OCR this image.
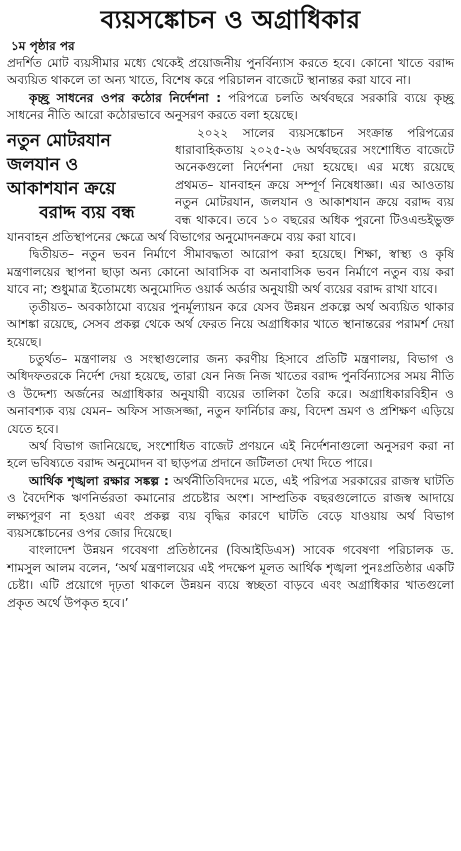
ব্যয়সঙ্কোচন ও অগ্রাধিকার
১ম পৃষ্ঠার পর

প্রদর্শিত মোট ব্যয়সীমার মধ্যে থেকেই প্রয়োজনীয় পুনর্বিন্যাস করতে হবে। কোনো খাতে বরাদ্দ অব্যয়িত থাকলে তা অন্য খাতে, বিশেষ করে পরিচালন বাজেটে স্থানান্তর করা যাবে না।

কৃচ্ছ্র সাধনের ওপর কঠোর নির্দেশনা : পরিপত্রে চলতি অর্থবছরে সরকারি ব্যয়ে কৃচ্ছ্র সাধনের নীতি আরো কঠোরভাবে অনুসরণ করতে বলা হয়েছে।

নতুন মোটরযান
জলযান ও
আকাশযান ক্রয়ে
বরাদ্দ ব্যয় বন্ধ

২০২২ সালের ব্যয়সঙ্কোচন সংক্রান্ত পরিপত্রের ধারাবাহিকতায় ২০২৫-২৬ অর্থবছরের সংশোধিত বাজেটে অনেকগুলো নির্দেশনা দেয়া হয়েছে। এর মধ্যে রয়েছে প্রথমত– যানবাহন ক্রয়ে সম্পূর্ণ নিষেধাজ্ঞা। এর আওতায় নতুন মোটরযান, জলযান ও আকাশযান ক্রয়ে বরাদ্দ ব্যয় বন্ধ থাকবে। তবে ১০ বছরের অধিক পুরনো টিওএন্ডইভুক্ত যানবাহন প্রতিস্থাপনের ক্ষেত্রে অর্থ বিভাগের অনুমোদনক্রমে ব্যয় করা যাবে।

দ্বিতীয়ত– নতুন ভবন নির্মাণে সীমাবদ্ধতা আরোপ করা হয়েছে। শিক্ষা, স্বাস্থ্য ও কৃষি মন্ত্রণালয়ের স্থাপনা ছাড়া অন্য কোনো আবাসিক বা অনাবাসিক ভবন নির্মাণে নতুন ব্যয় করা যাবে না; শুধুমাত্র ইতোমধ্যে অনুমোদিত ওয়ার্ক অর্ডার অনুযায়ী অর্থ ব্যয়ের বরাদ্দ রাখা যাবে।

তৃতীয়ত– অবকাঠামো ব্যয়ের পুনর্মূল্যায়ন করে যেসব উন্নয়ন প্রকল্পে অর্থ অব্যয়িত থাকার আশঙ্কা রয়েছে, সেসব প্রকল্প থেকে অর্থ ফেরত নিয়ে অগ্রাধিকার খাতে স্থানান্তরের পরামর্শ দেয়া হয়েছে।

চতুর্থত– মন্ত্রণালয় ও সংস্থাগুলোর জন্য করণীয় হিসাবে প্রতিটি মন্ত্রণালয়, বিভাগ ও অধিদফতরকে নির্দেশ দেয়া হয়েছে, তারা যেন নিজ নিজ খাতের বরাদ্দ পুনর্বিন্যাসের সময় নীতি ও উদ্দেশ্য অর্জনের অগ্রাধিকার অনুযায়ী ব্যয়ের তালিকা তৈরি করে। অগ্রাধিকারবিহীন ও অনাবশ্যক ব্যয় যেমন– অফিস সাজসজ্জা, নতুন ফার্নিচার ক্রয়, বিদেশ ভ্রমণ ও প্রশিক্ষণ এড়িয়ে যেতে হবে।

অর্থ বিভাগ জানিয়েছে, সংশোধিত বাজেট প্রণয়নে এই নির্দেশনাগুলো অনুসরণ করা না হলে ভবিষ্যতে বরাদ্দ অনুমোদন বা ছাড়পত্র প্রদানে জটিলতা দেখা দিতে পারে।

আর্থিক শৃঙ্খলা রক্ষার সঙ্কল্প : অর্থনীতিবিদদের মতে, এই পরিপত্র সরকারের রাজস্ব ঘাটতি ও বৈদেশিক ঋণনির্ভরতা কমানোর প্রচেষ্টার অংশ। সাম্প্রতিক বছরগুলোতে রাজস্ব আদায়ে লক্ষ্যপূরণ না হওয়া এবং প্রকল্প ব্যয় বৃদ্ধির কারণে ঘাটতি বেড়ে যাওয়ায় অর্থ বিভাগ ব্যয়সঙ্কোচনের ওপর জোর দিয়েছে।

বাংলাদেশ উন্নয়ন গবেষণা প্রতিষ্ঠানের (বিআইডিএস) সাবেক গবেষণা পরিচালক ড. শামসুল আলম বলেন, ‘অর্থ মন্ত্রণালয়ের এই পদক্ষেপ মূলত আর্থিক শৃঙ্খলা পুনঃপ্রতিষ্ঠার একটি চেষ্টা। এটি প্রয়োগে দৃঢ়তা থাকলে উন্নয়ন ব্যয়ে স্বচ্ছতা বাড়বে এবং অগ্রাধিকার খাতগুলো প্রকৃত অর্থে উপকৃত হবে।’
